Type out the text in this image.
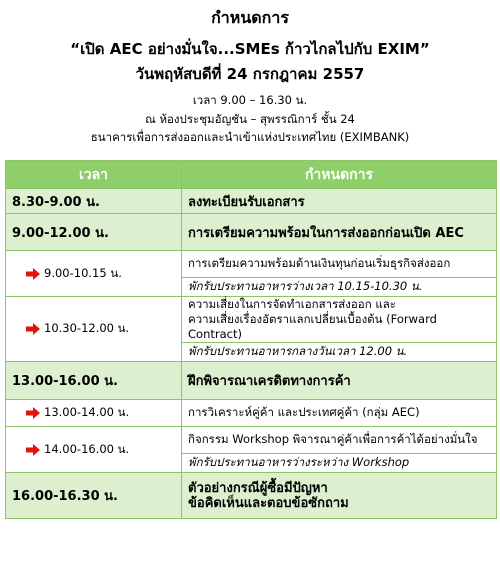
กำหนดการ
“เปิด AEC อย่างมั่นใจ...SMEs ก้าวไกลไปกับ EXIM”
วันพฤหัสบดีที่ 24 กรกฎาคม 2557
เวลา 9.00 – 16.30 น.
ณ ห้องประชุมอัญชัน – สุพรรณิการ์ ชั้น 24
ธนาคารเพื่อการส่งออกและนำเข้าแห่งประเทศไทย (EXIMBANK)
เวลา	กำหนดการ
8.30-9.00 น.	ลงทะเบียนรับเอกสาร
9.00-12.00 น.	การเตรียมความพร้อมในการส่งออกก่อนเปิด AEC

9.00-10.15 น.	การเตรียมความพร้อมด้านเงินทุนก่อนเริ่มธุรกิจส่งออก
	พักรับประทานอาหารว่างเวลา 10.15-10.30 น.

10.30-12.00 น.	ความเสี่ยงในการจัดทำเอกสารส่งออก และ
ความเสี่ยงเรื่องอัตราแลกเปลี่ยนเบื้องต้น (Forward Contract)

	พักรับประทานอาหารกลางวันเวลา 12.00 น.
13.00-16.00 น.	ฝึกพิจารณาเครดิตทางการค้า

13.00-14.00 น.	การวิเคราะห์คู่ค้า และประเทศคู่ค้า (กลุ่ม AEC)

14.00-16.00 น.	กิจกรรม Workshop พิจารณาคู่ค้าเพื่อการค้าได้อย่างมั่นใจ
	พักรับประทานอาหารว่างระหว่าง Workshop
16.00-16.30 น.	ตัวอย่างกรณีผู้ซื้อมีปัญหา
ข้อคิดเห็นและตอบข้อซักถาม
